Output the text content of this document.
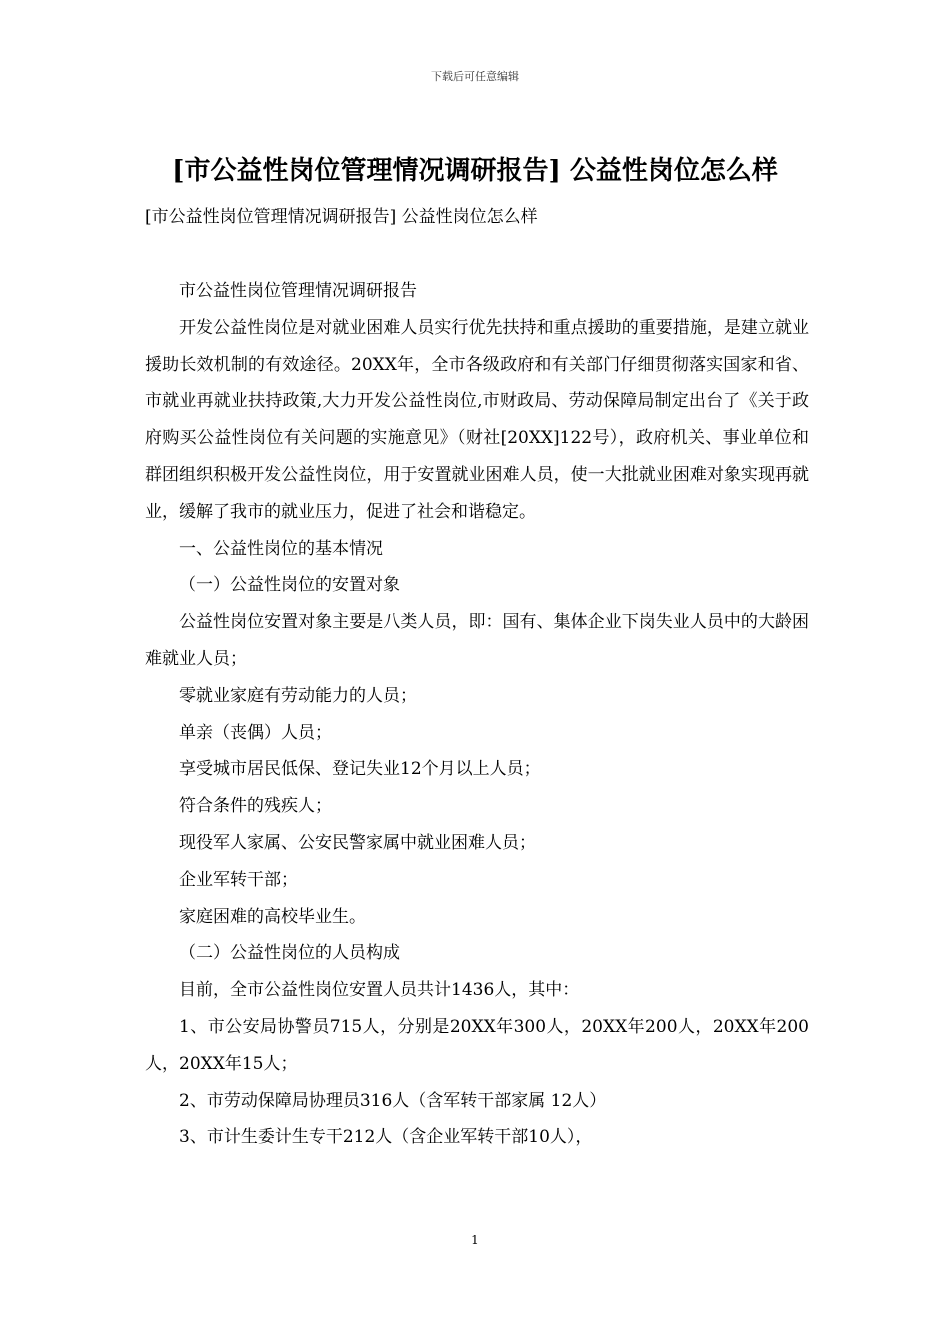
下载后可任意编辑
[市公益性岗位管理情况调研报告] 公益性岗位怎么样
[市公益性岗位管理情况调研报告] 公益性岗位怎么样

市公益性岗位管理情况调研报告

开发公益性岗位是对就业困难人员实行优先扶持和重点援助的重要措施，是建立就业援助长效机制的有效途径。20XX年，全市各级政府和有关部门仔细贯彻落实国家和省、市就业再就业扶持政策,大力开发公益性岗位,市财政局、劳动保障局制定出台了《关于政府购买公益性岗位有关问题的实施意见》（财社[20XX]122号），政府机关、事业单位和群团组织积极开发公益性岗位，用于安置就业困难人员，使一大批就业困难对象实现再就业，缓解了我市的就业压力，促进了社会和谐稳定。

一、公益性岗位的基本情况

（一）公益性岗位的安置对象

公益性岗位安置对象主要是八类人员，即：国有、集体企业下岗失业人员中的大龄困难就业人员；

零就业家庭有劳动能力的人员；

单亲（丧偶）人员；

享受城市居民低保、登记失业12个月以上人员；

符合条件的残疾人；

现役军人家属、公安民警家属中就业困难人员；

企业军转干部；

家庭困难的高校毕业生。

（二）公益性岗位的人员构成

目前，全市公益性岗位安置人员共计1436人，其中：

1、市公安局协警员715人，分别是20XX年300人，20XX年200人，20XX年200人，20XX年15人；

2、市劳动保障局协理员316人（含军转干部家属 12人）

3、市计生委计生专干212人（含企业军转干部10人），

1
